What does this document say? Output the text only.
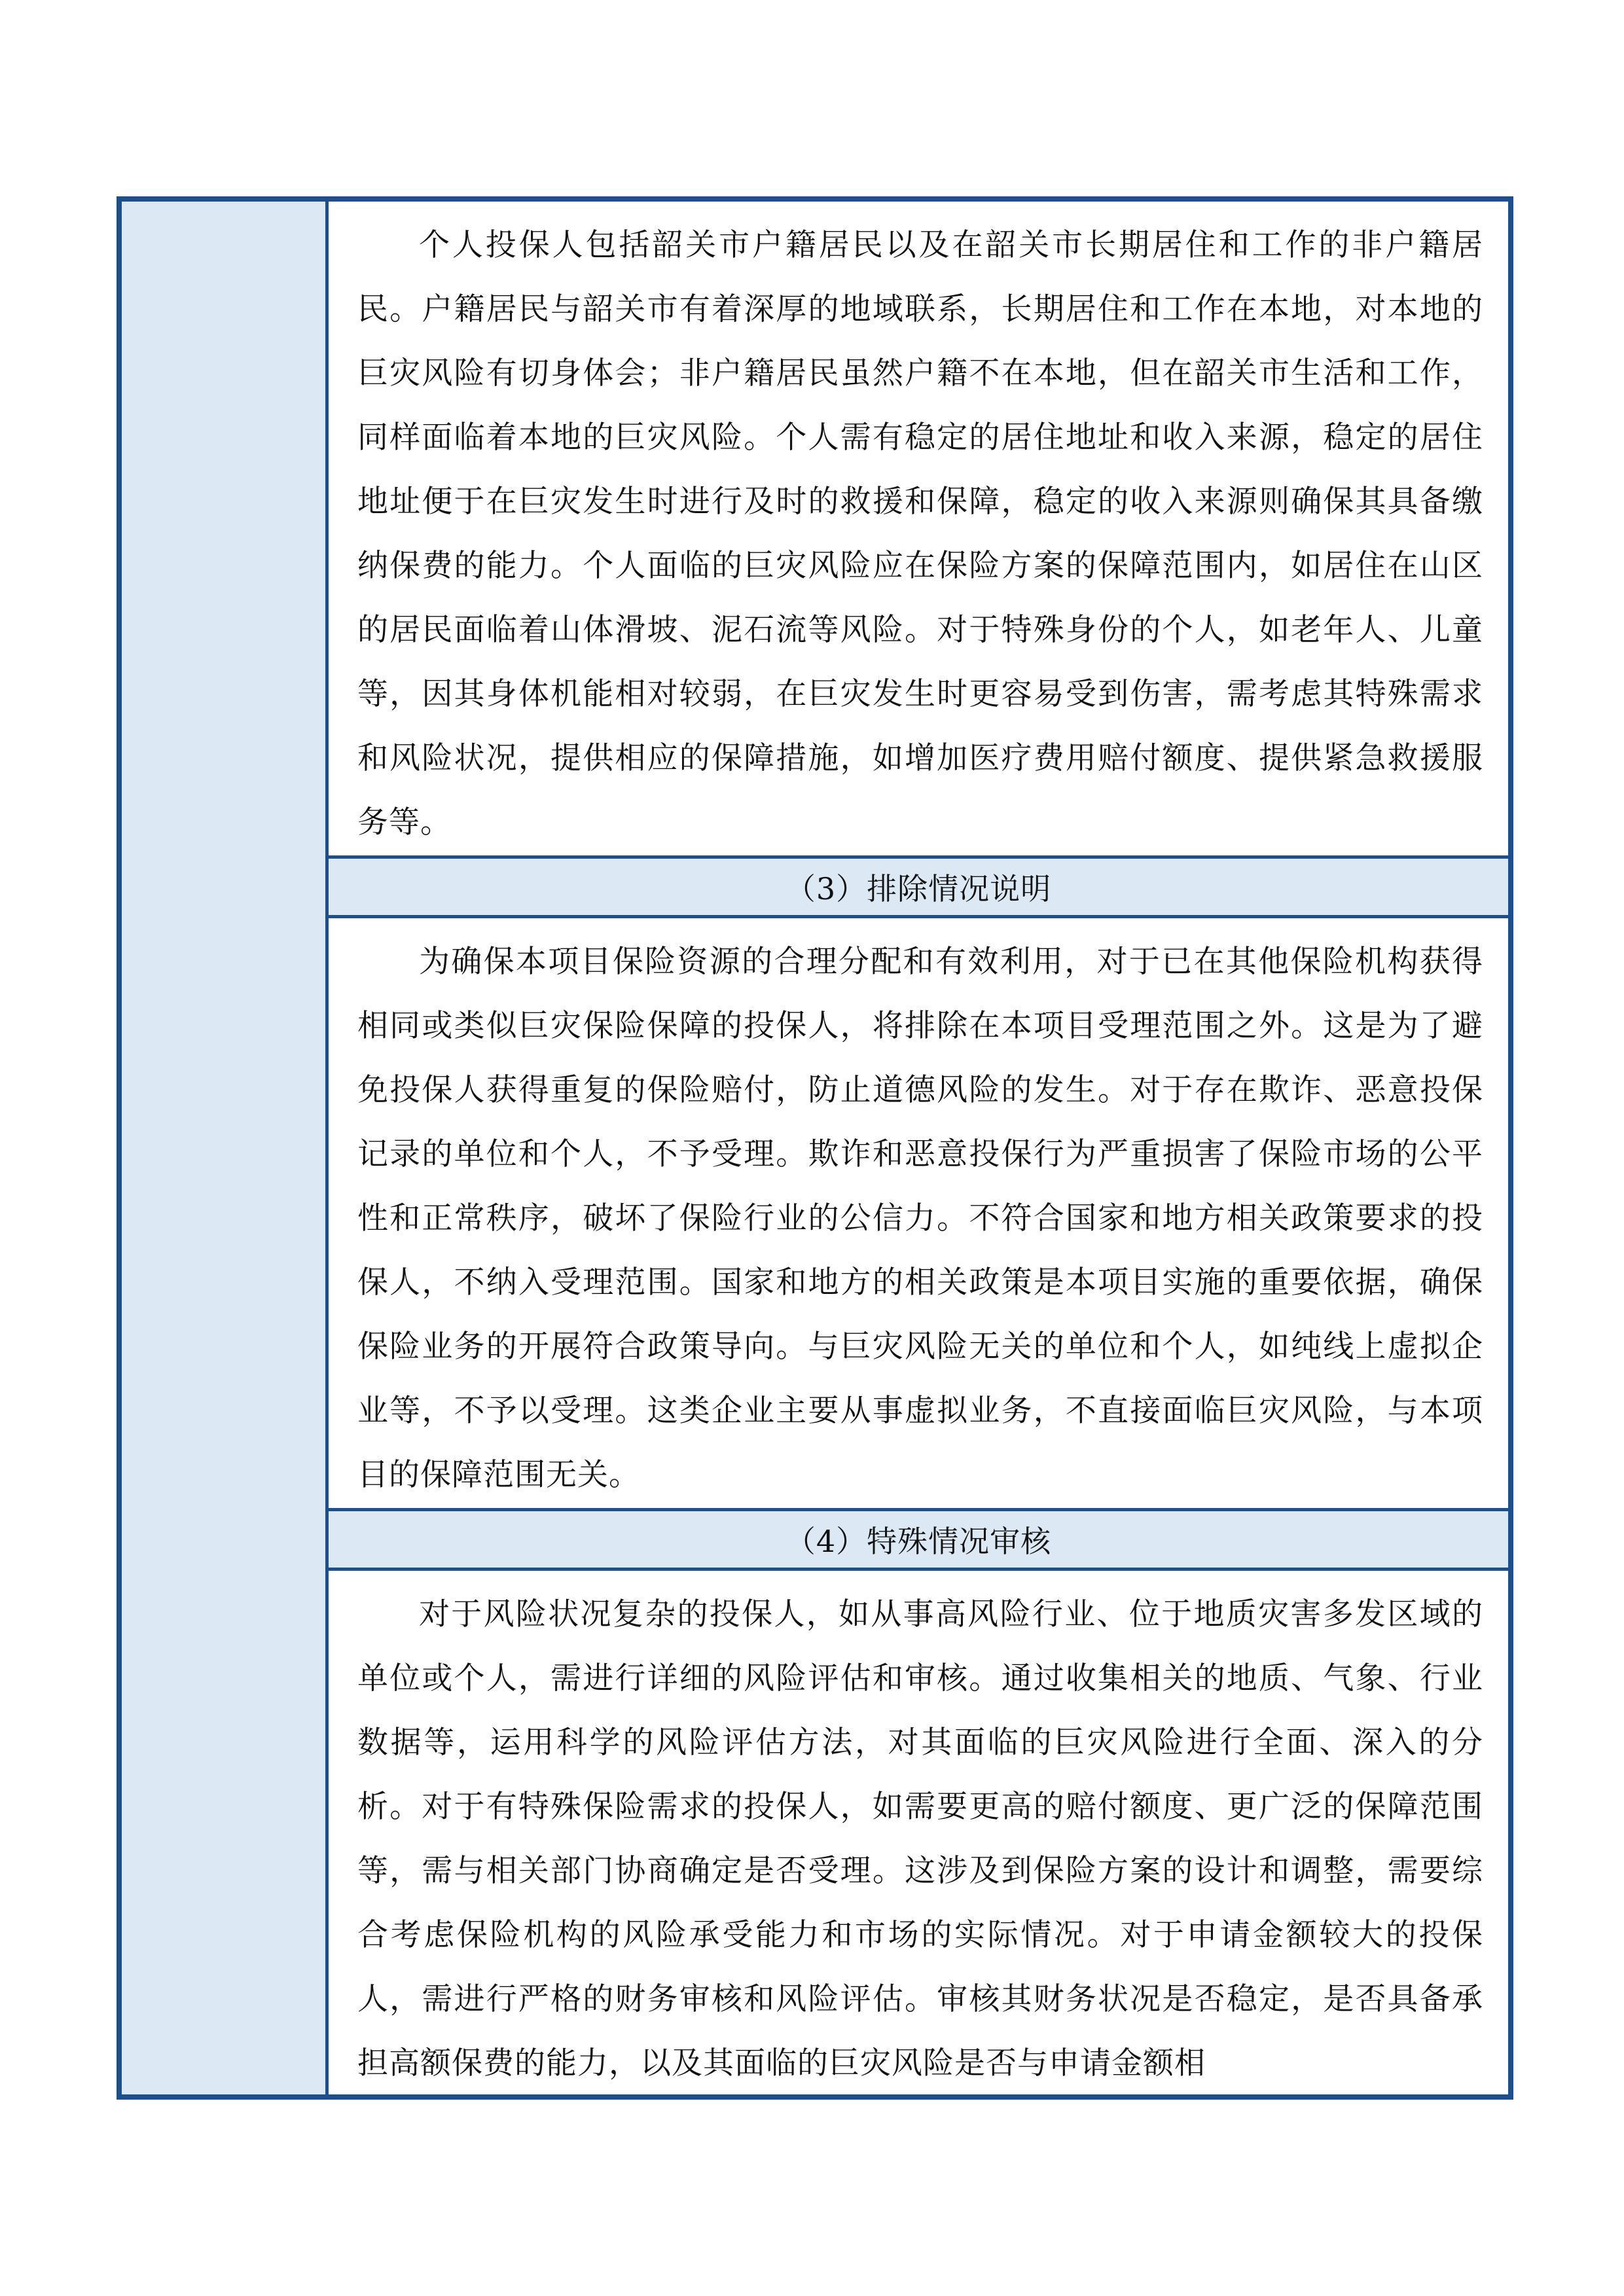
个人投保人包括韶关市户籍居民以及在韶关市长期居住和工作的非户籍居民。户籍居民与韶关市有着深厚的地域联系，长期居住和工作在本地，对本地的巨灾风险有切身体会；非户籍居民虽然户籍不在本地，但在韶关市生活和工作，同样面临着本地的巨灾风险。个人需有稳定的居住地址和收入来源，稳定的居住地址便于在巨灾发生时进行及时的救援和保障，稳定的收入来源则确保其具备缴纳保费的能力。个人面临的巨灾风险应在保险方案的保障范围内，如居住在山区的居民面临着山体滑坡、泥石流等风险。对于特殊身份的个人，如老年人、儿童等，因其身体机能相对较弱，在巨灾发生时更容易受到伤害，需考虑其特殊需求和风险状况，提供相应的保障措施，如增加医疗费用赔付额度、提供紧急救援服务等。
（3）排除情况说明
为确保本项目保险资源的合理分配和有效利用，对于已在其他保险机构获得相同或类似巨灾保险保障的投保人，将排除在本项目受理范围之外。这是为了避免投保人获得重复的保险赔付，防止道德风险的发生。对于存在欺诈、恶意投保记录的单位和个人，不予受理。欺诈和恶意投保行为严重损害了保险市场的公平性和正常秩序，破坏了保险行业的公信力。不符合国家和地方相关政策要求的投保人，不纳入受理范围。国家和地方的相关政策是本项目实施的重要依据，确保保险业务的开展符合政策导向。与巨灾风险无关的单位和个人，如纯线上虚拟企业等，不予以受理。这类企业主要从事虚拟业务，不直接面临巨灾风险，与本项目的保障范围无关。
（4）特殊情况审核
对于风险状况复杂的投保人，如从事高风险行业、位于地质灾害多发区域的单位或个人，需进行详细的风险评估和审核。通过收集相关的地质、气象、行业数据等，运用科学的风险评估方法，对其面临的巨灾风险进行全面、深入的分析。对于有特殊保险需求的投保人，如需要更高的赔付额度、更广泛的保障范围等，需与相关部门协商确定是否受理。这涉及到保险方案的设计和调整，需要综合考虑保险机构的风险承受能力和市场的实际情况。对于申请金额较大的投保人，需进行严格的财务审核和风险评估。审核其财务状况是否稳定，是否具备承担高额保费的能力，以及其面临的巨灾风险是否与申请金额相
